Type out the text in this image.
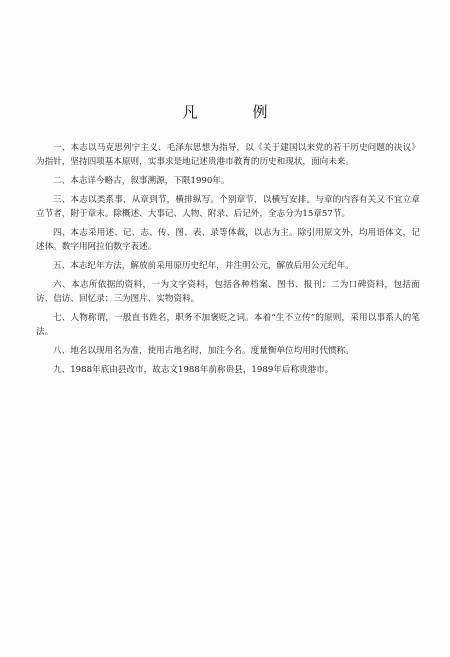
凡　例

一、本志以马克思列宁主义、毛泽东思想为指导，以《关于建国以来党的若干历史问题的决议》为指针，坚持四项基本原则，实事求是地记述贵港市教育的历史和现状，面向未来。

二、本志详今略古，叙事溯源，下限1990年。

三、本志以类系事，从章到节，横排纵写。个别章节，以横写安排。与章的内容有关又不宜立章立节者，附于章末。除概述、大事记、人物、附录、后记外，全志分为15章57节。

四、本志采用述、记、志、传、图、表、录等体裁，以志为主。除引用原文外，均用语体文，记述体。数字用阿拉伯数字表述。

五、本志纪年方法，解放前采用原历史纪年，并注明公元，解放后用公元纪年。

六、本志所依据的资料，一为文字资料，包括各种档案、图书、报刊；二为口碑资料，包括面访、信访、回忆录；三为图片、实物资料。

七、人物称谓，一般直书姓名，职务不加褒贬之词。本着“生不立传”的原则，采用以事系人的笔法。

八、地名以现用名为准，使用古地名时，加注今名。度量衡单位均用时代惯称。

九、1988年底由县改市，故志文1988年前称贵县，1989年后称贵港市。
